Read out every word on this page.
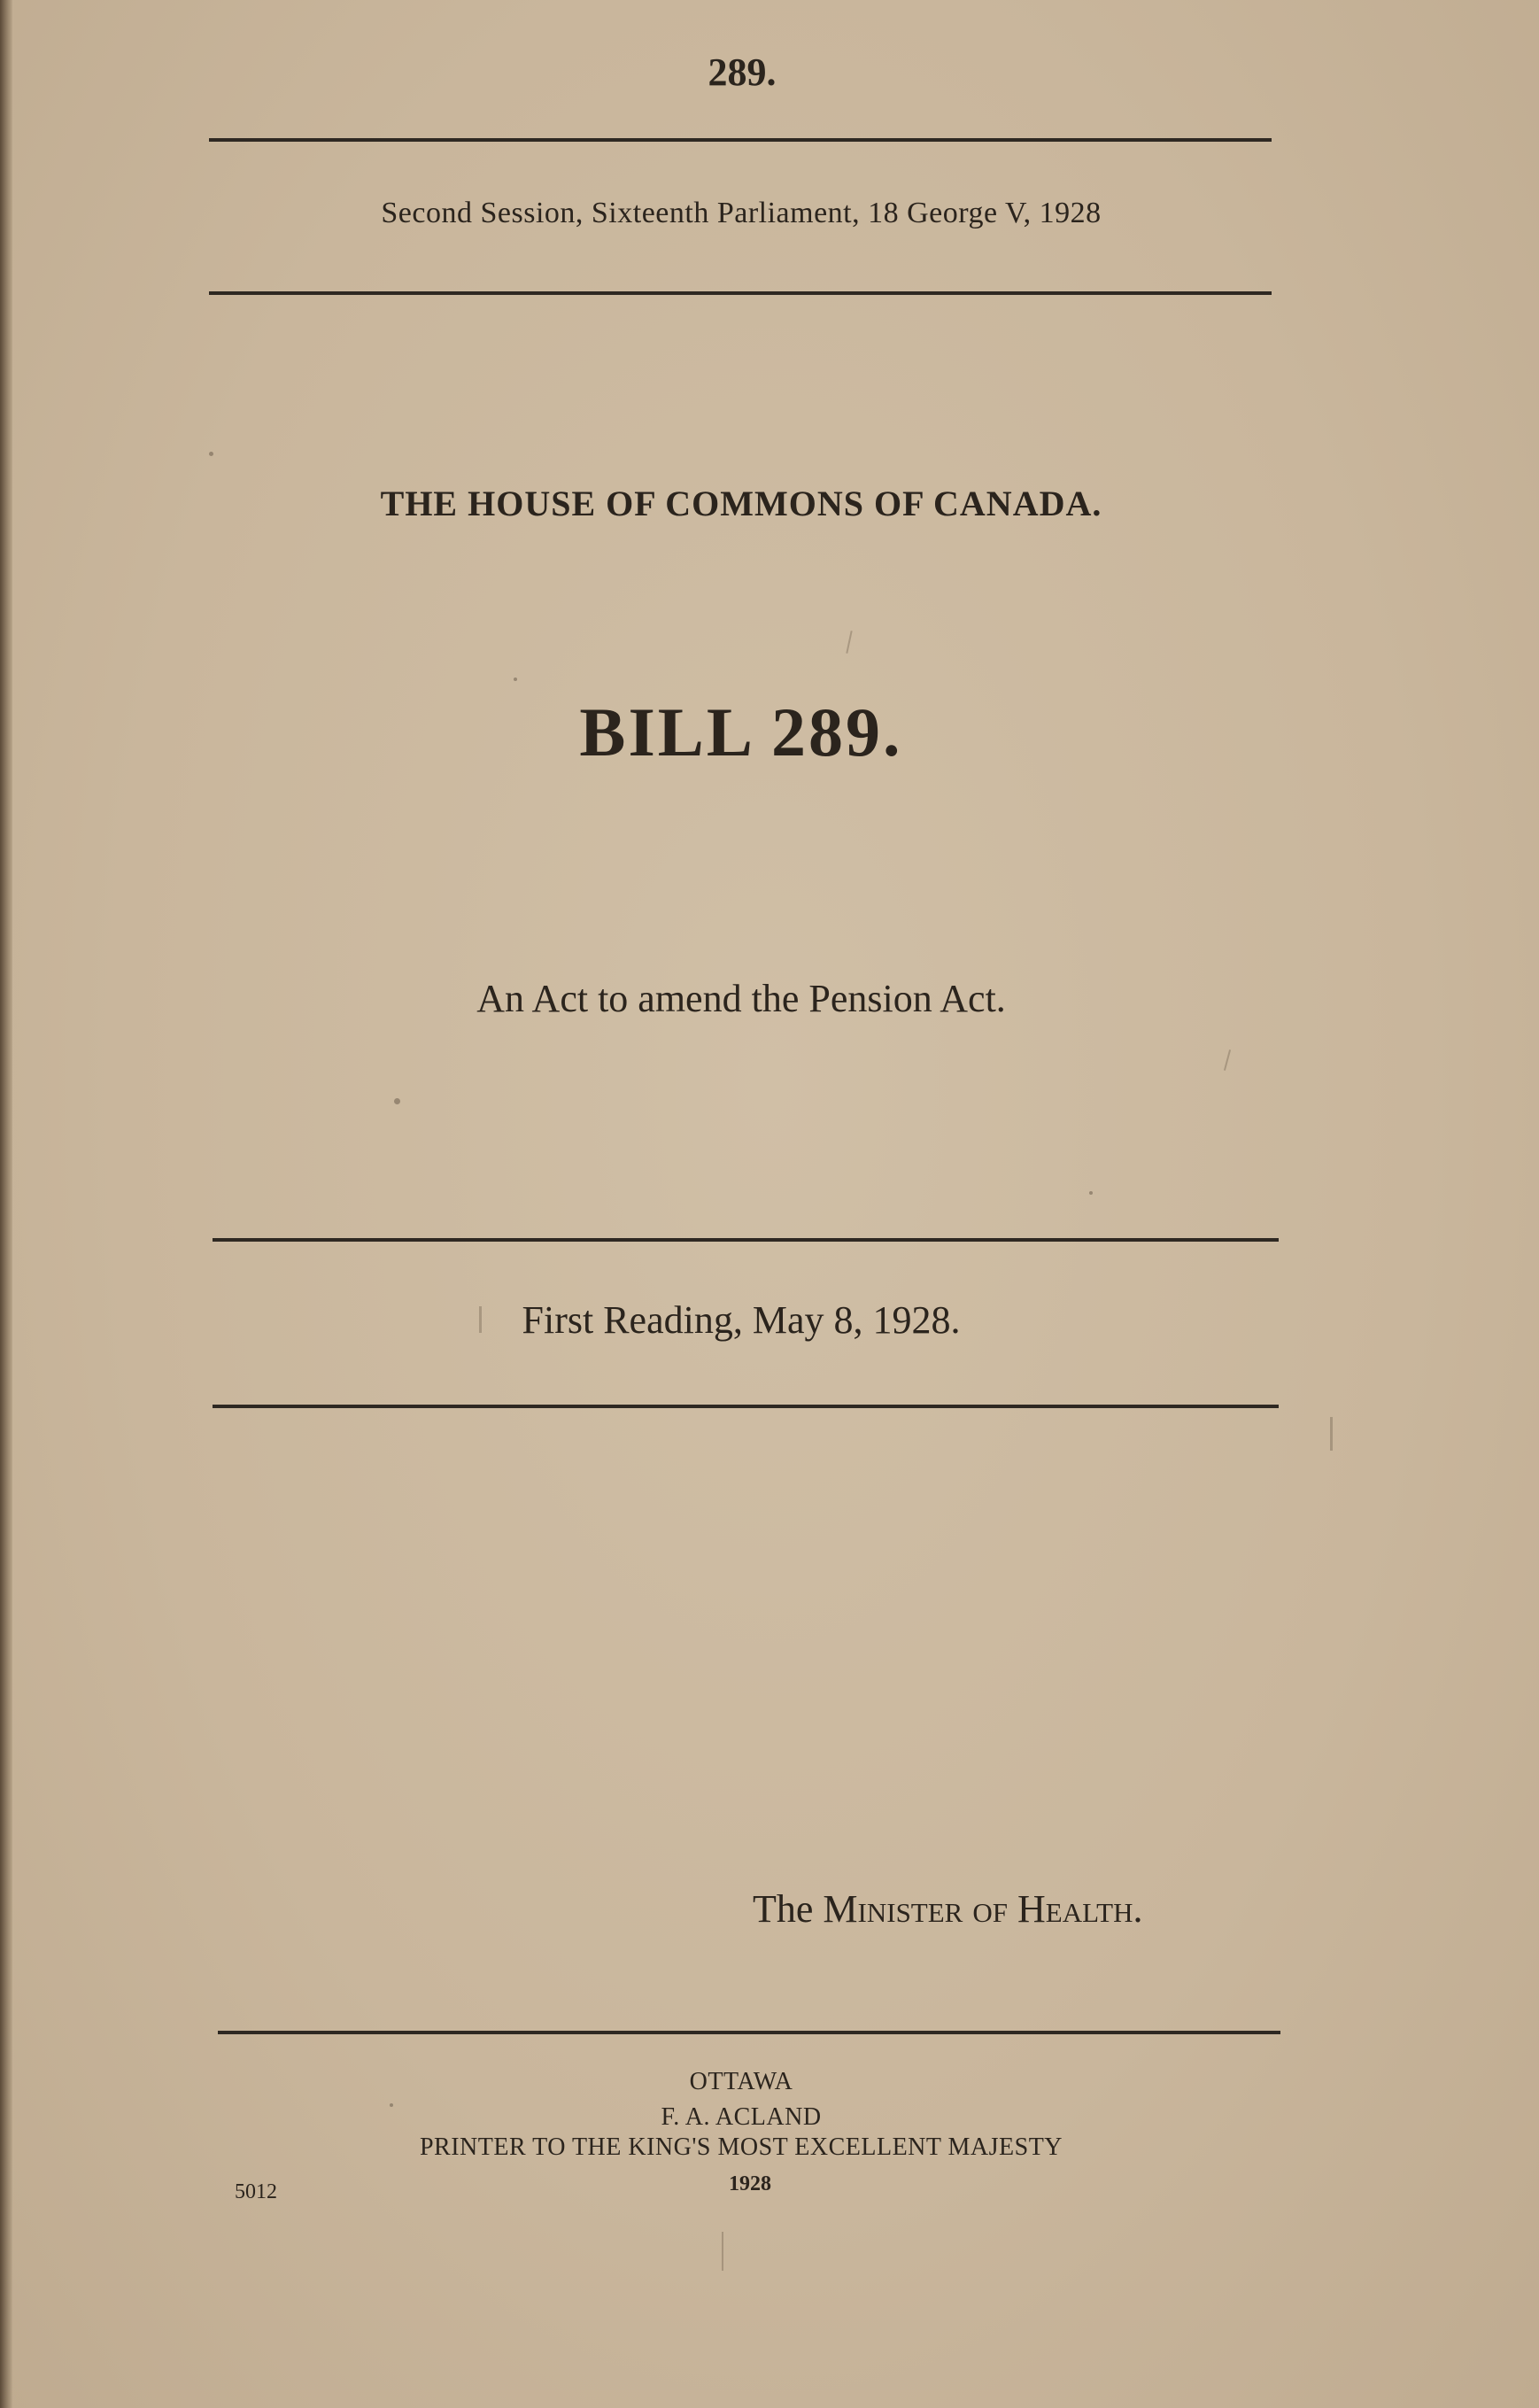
289.
Second Session, Sixteenth Parliament, 18 George V, 1928
THE HOUSE OF COMMONS OF CANADA.
BILL 289.
An Act to amend the Pension Act.
First Reading, May 8, 1928.
The Minister of Health.
OTTAWA
F. A. ACLAND
PRINTER TO THE KING'S MOST EXCELLENT MAJESTY
1928
5012
